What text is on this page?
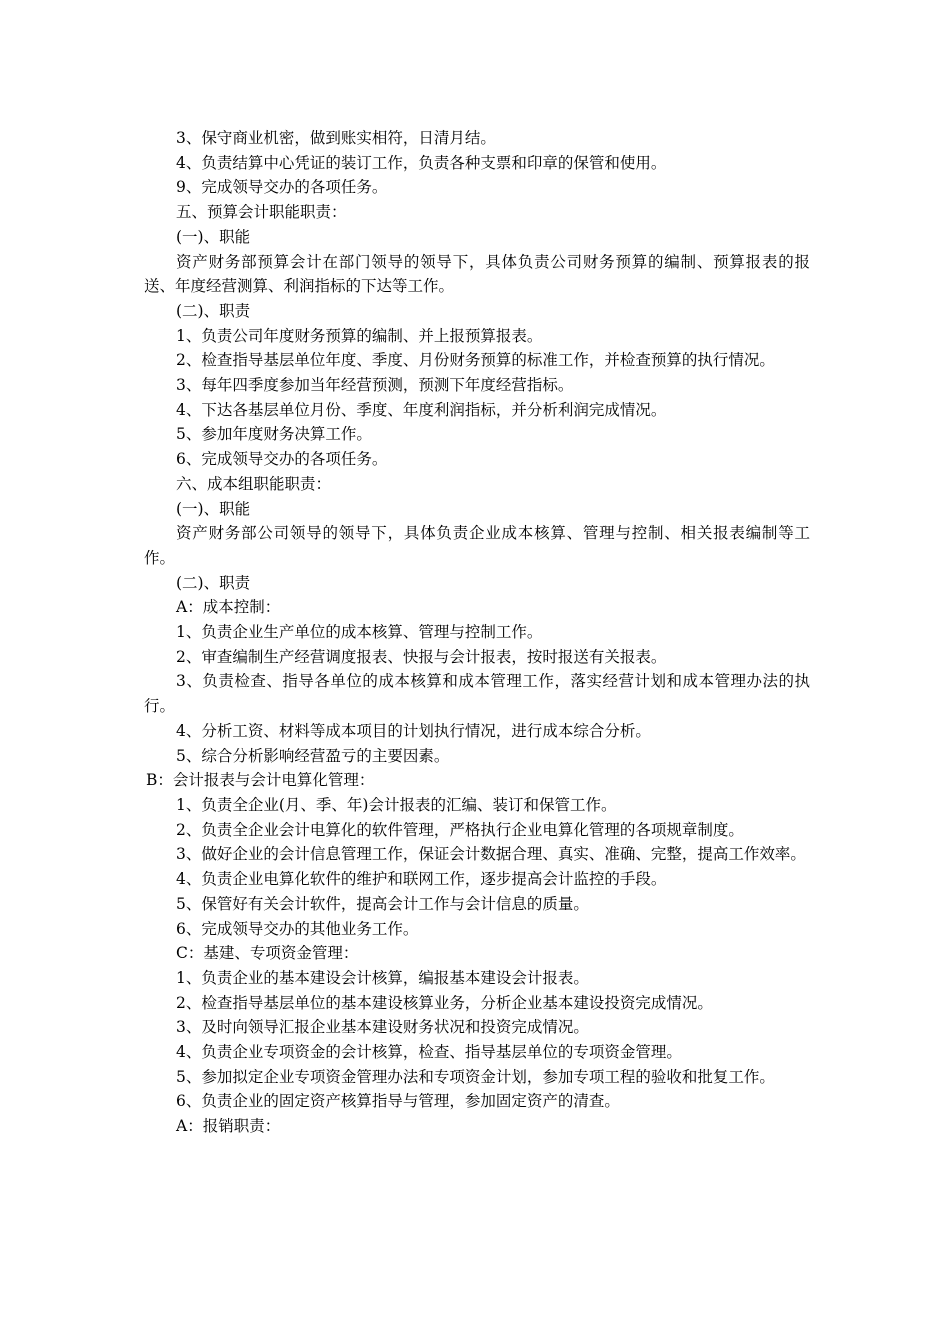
3、保守商业机密，做到账实相符，日清月结。

4、负责结算中心凭证的装订工作，负责各种支票和印章的保管和使用。

9、完成领导交办的各项任务。

五、预算会计职能职责：

(一)、职能

资产财务部预算会计在部门领导的领导下，具体负责公司财务预算的编制、预算报表的报送、年度经营测算、利润指标的下达等工作。

(二)、职责

1、负责公司年度财务预算的编制、并上报预算报表。

2、检查指导基层单位年度、季度、月份财务预算的标准工作，并检查预算的执行情况。

3、每年四季度参加当年经营预测，预测下年度经营指标。

4、下达各基层单位月份、季度、年度利润指标，并分析利润完成情况。

5、参加年度财务决算工作。

6、完成领导交办的各项任务。

六、成本组职能职责：

(一)、职能

资产财务部公司领导的领导下，具体负责企业成本核算、管理与控制、相关报表编制等工作。

(二)、职责

A：成本控制：

1、负责企业生产单位的成本核算、管理与控制工作。

2、审查编制生产经营调度报表、快报与会计报表，按时报送有关报表。

3、负责检查、指导各单位的成本核算和成本管理工作，落实经营计划和成本管理办法的执行。

4、分析工资、材料等成本项目的计划执行情况，进行成本综合分析。

5、综合分析影响经营盈亏的主要因素。

B：会计报表与会计电算化管理：

1、负责全企业(月、季、年)会计报表的汇编、装订和保管工作。

2、负责全企业会计电算化的软件管理，严格执行企业电算化管理的各项规章制度。

3、做好企业的会计信息管理工作，保证会计数据合理、真实、准确、完整，提高工作效率。

4、负责企业电算化软件的维护和联网工作，逐步提高会计监控的手段。

5、保管好有关会计软件，提高会计工作与会计信息的质量。

6、完成领导交办的其他业务工作。

C：基建、专项资金管理：

1、负责企业的基本建设会计核算，编报基本建设会计报表。

2、检查指导基层单位的基本建设核算业务，分析企业基本建设投资完成情况。

3、及时向领导汇报企业基本建设财务状况和投资完成情况。

4、负责企业专项资金的会计核算，检查、指导基层单位的专项资金管理。

5、参加拟定企业专项资金管理办法和专项资金计划，参加专项工程的验收和批复工作。

6、负责企业的固定资产核算指导与管理，参加固定资产的清查。

A：报销职责：
